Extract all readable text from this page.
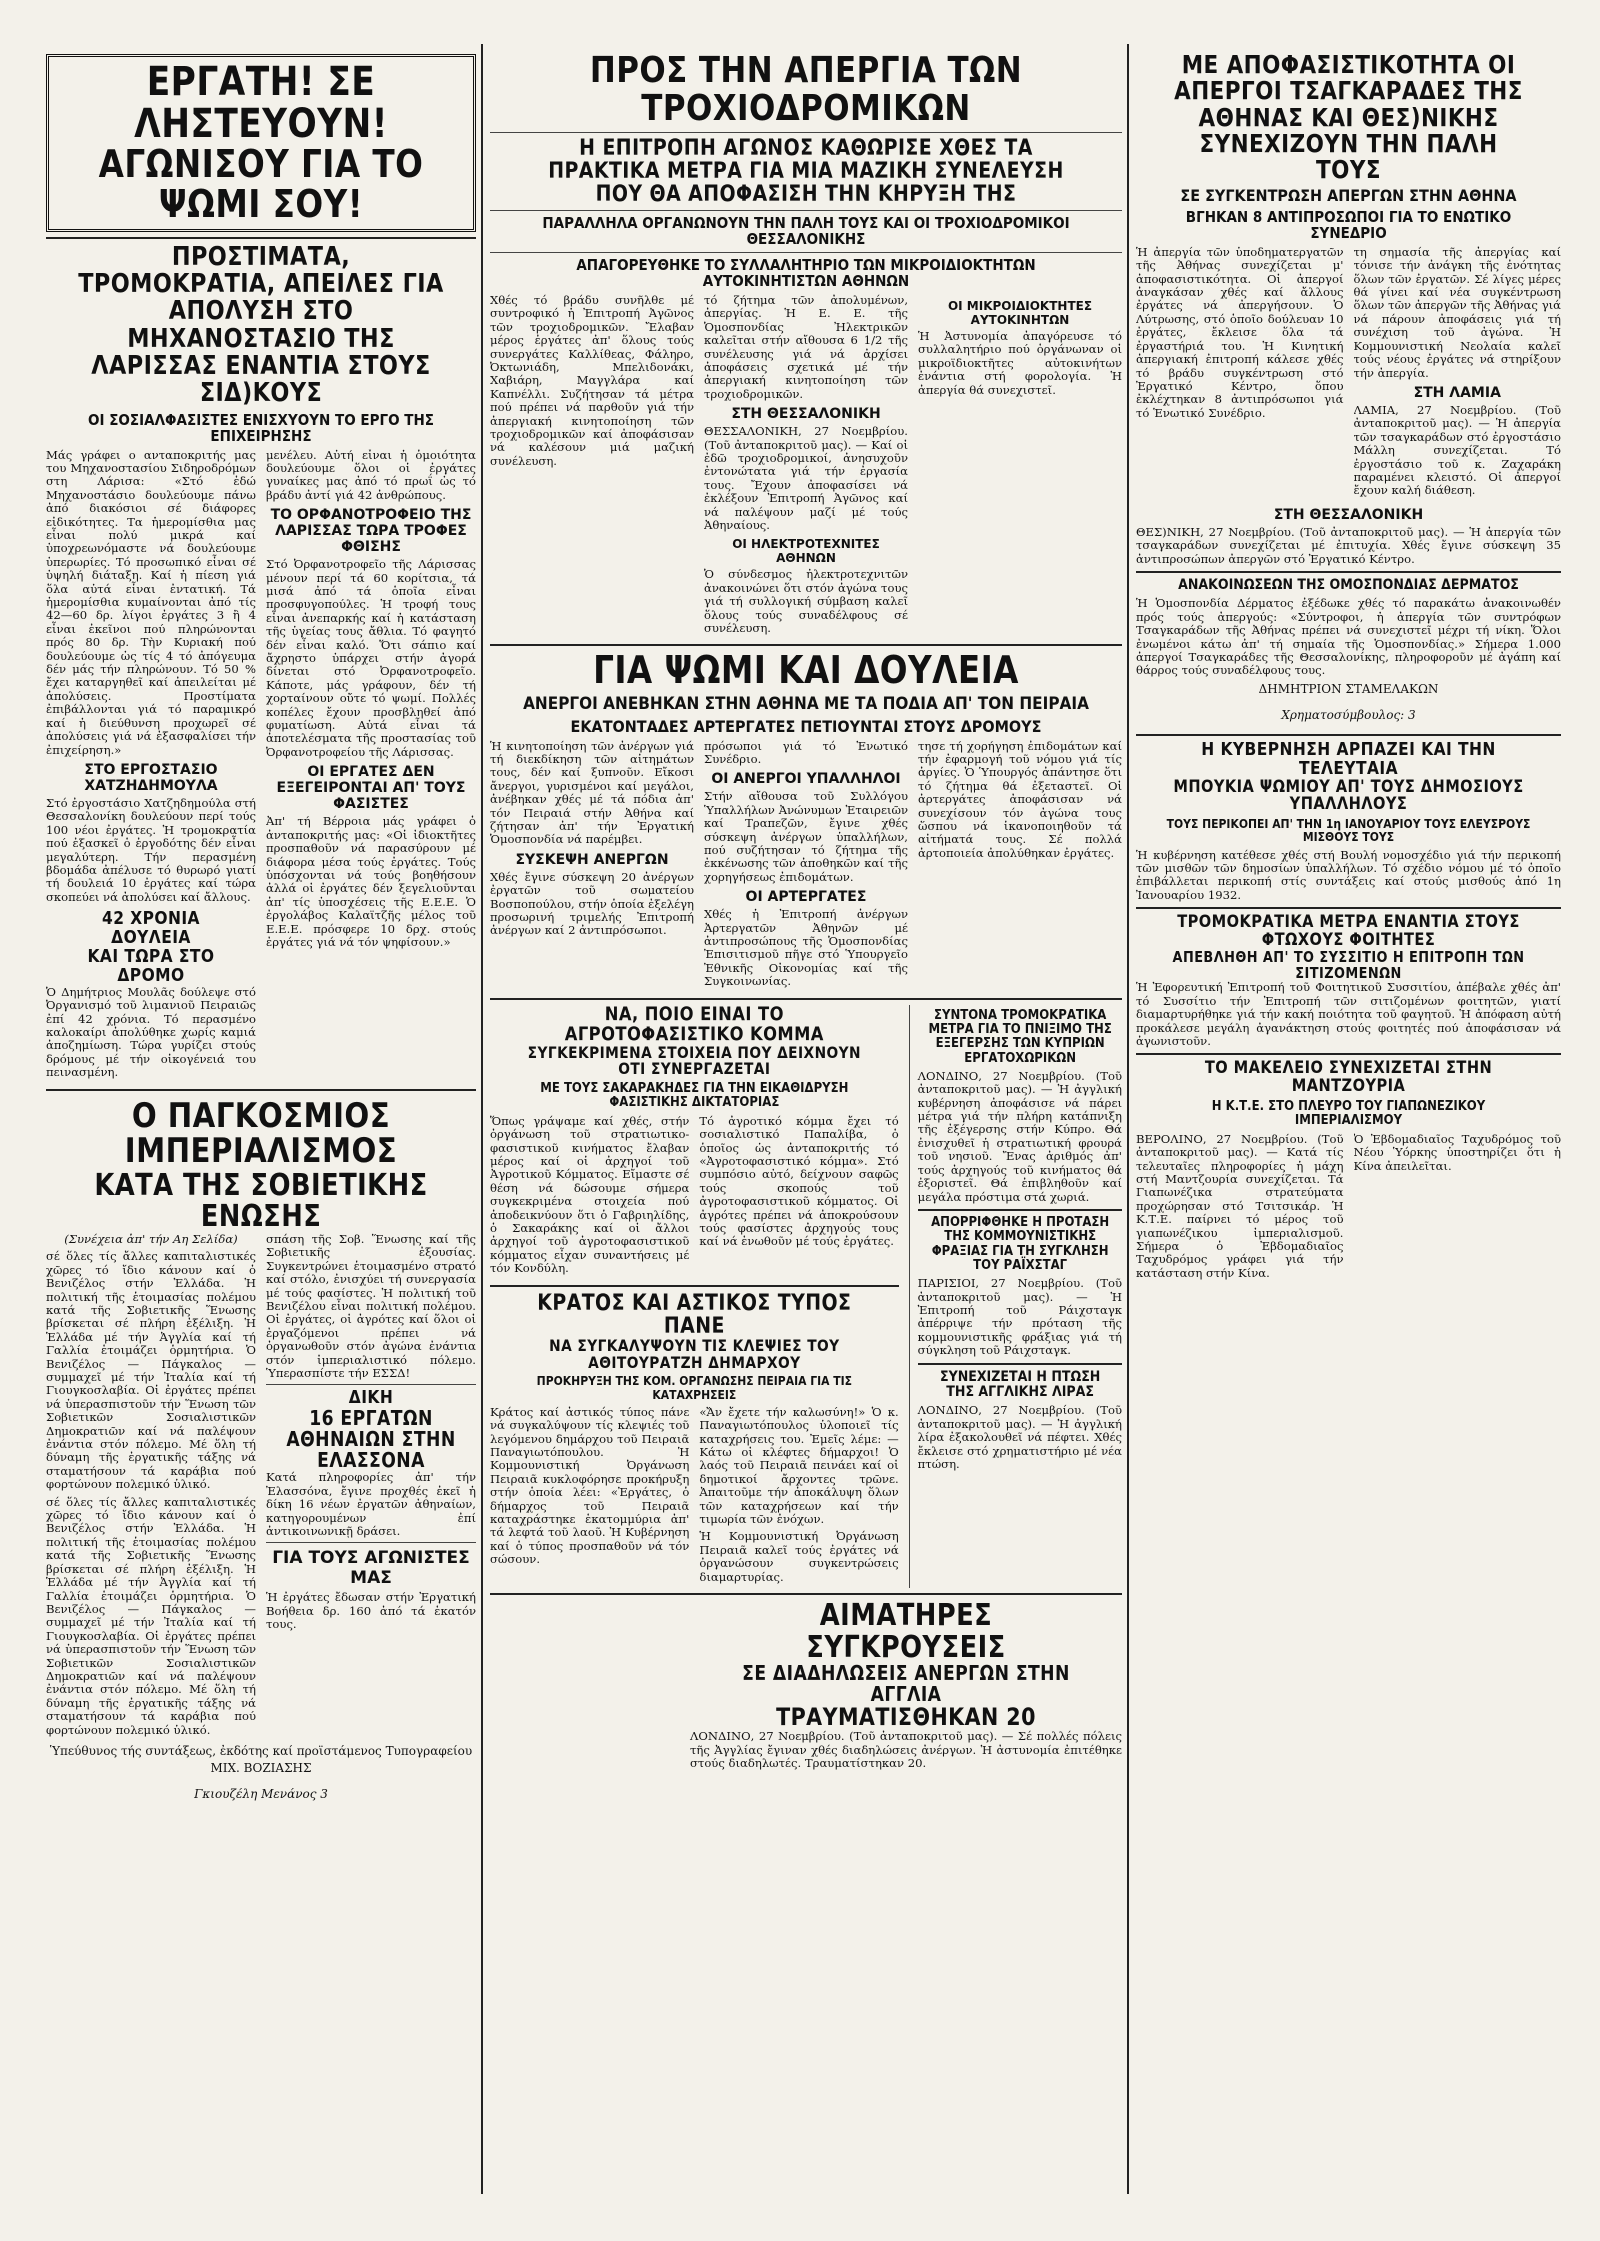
ΕΡΓΑΤΗ! ΣΕ ΛΗΣΤΕΥΟΥΝ!

ΑΓΩΝΙΣΟΥ ΓΙΑ ΤΟ ΨΩΜΙ ΣΟΥ!

ΠΡΟΣΤΙΜΑΤΑ, ΤΡΟΜΟΚΡΑΤΙΑ, ΑΠΕΙΛΕΣ ΓΙΑ ΑΠΟΛΥΣΗ ΣΤΟ ΜΗΧΑΝΟΣΤΑΣΙΟ ΤΗΣ ΛΑΡΙΣΣΑΣ ΕΝΑΝΤΙΑ ΣΤΟΥΣ ΣΙΔ)ΚΟΥΣ

ΟΙ ΣΟΣΙΑΛΦΑΣΙΣΤΕΣ ΕΝΙΣΧΥΟΥΝ ΤΟ ΕΡΓΟ ΤΗΣ ΕΠΙΧΕΙΡΗΣΗΣ

Μάς γράφει ο ανταποκριτής μας του Μηχανοστασίου Σιδηροδρόμων στη Λάρισα: «Στό ἑδώ Μηχανοστάσιο δουλεύουμε πάνω ἀπό διακόσιοι σέ διάφορες εἰδικότητες. Τα ἡμερομίσθια μας εἶναι πολύ μικρά καί ὑποχρεωνόμαστε νά δουλεύουμε ὑπερωρίες. Τό προσωπικό εἶναι σέ ὑψηλή διάταξη. Καί ἡ πίεση γιά ὅλα αὐτά εἶναι ἐντατική. Τά ἡμερομίσθια κυμαίνονται ἀπό τίς 42—60 δρ. λίγοι ἐργάτες 3 ἢ 4 εἶναι ἐκεῖνοι πού πληρώνονται πρός 80 δρ. Τὴν Κυριακή πού δουλεύουμε ὡς τίς 4 τό ἀπόγευμα δέν μάς τήν πληρώνουν. Τό 50 % ἔχει καταργηθεῖ καί ἀπειλείται μέ ἀπολύσεις. Προστίματα ἐπιβάλλονται γιά τό παραμικρό καί ἡ διεύθυνση προχωρεῖ σέ ἀπολύσεις γιά νά ἐξασφαλίσει τήν ἐπιχείρηση.»

ΣΤΟ ΕΡΓΟΣΤΑΣΙΟ ΧΑΤΖΗΔΗΜΟΥΛΑ

Στό ἐργοστάσιο Χατζηδημούλα στή Θεσσαλονίκη δουλεύουν περί τούς 100 νέοι ἐργάτες. Ἡ τρομοκρατία πού ἐξασκεῖ ὁ ἐργοδότης δέν εἶναι μεγαλύτερη. Τήν περασμένη βδομάδα ἀπέλυσε τό θυρωρό γιατί τή δουλειά 10 ἐργάτες καί τώρα σκοπεύει νά ἀπολύσει καί ἄλλους.

42 ΧΡΟΝΙΑ ΔΟΥΛΕΙΑ

ΚΑΙ ΤΩΡΑ ΣΤΟ ΔΡΟΜΟ

Ὁ Δημήτριος Μουλᾶς δούλεψε στό Ὀργανισμό τοῦ λιμανιοῦ Πειραιῶς ἐπί 42 χρόνια. Τό περασμένο καλοκαίρι ἀπολύθηκε χωρίς καμιά ἀποζημίωση. Τώρα γυρίζει στούς δρόμους μέ τήν οἰκογένειά του πεινασμένη.

μενέλευ. Αὐτή εἶναι ἡ ὁμοιότητα δουλεύουμε ὅλοι οἱ ἐργάτες γυναίκες μας ἀπό τό πρωΐ ὡς τό βράδυ ἀντί γιά 42 ἀνθρώπους.

ΤΟ ΟΡΦΑΝΟΤΡΟΦΕΙΟ ΤΗΣ ΛΑΡΙΣΣΑΣ ΤΩΡΑ ΤΡΟΦΕΣ ΦΘΙΣΗΣ

Στό Ὀρφανοτροφεῖο τῆς Λάρισσας μένουν περί τά 60 κορίτσια, τά μισά ἀπό τά ὁποῖα εἶναι προσφυγοπούλες. Ἡ τροφή τους εἶναι ἀνεπαρκής καί ἡ κατάσταση τῆς ὑγείας τους ἄθλια. Τό φαγητό δέν εἶναι καλό. Ὅτι σάπιο καί ἄχρηστο ὑπάρχει στήν ἀγορά δίνεται στό Ὀρφανοτροφεῖο. Κάποτε, μάς γράφουν, δέν τή χορταίνουν οὔτε τό ψωμί. Πολλές κοπέλες ἔχουν προσβληθεί ἀπό φυματίωση. Αὐτά εἶναι τά ἀποτελέσματα τῆς προστασίας τοῦ Ὀρφανοτροφείου τῆς Λάρισσας.

ΟΙ ΕΡΓΑΤΕΣ ΔΕΝ ΕΞΕΓΕΙΡΟΝΤΑΙ ΑΠ' ΤΟΥΣ ΦΑΣΙΣΤΕΣ

Ἀπ' τή Βέρροια μάς γράφει ὁ ἀνταποκριτής μας: «Οἱ ἰδιοκτῆτες προσπαθοῦν νά παρασύρουν μέ διάφορα μέσα τούς ἐργάτες. Τούς ὑπόσχονται νά τούς βοηθήσουν ἀλλά οἱ ἐργάτες δέν ξεγελιοῦνται ἀπ' τίς ὑποσχέσεις τῆς Ε.Ε.Ε. Ὁ ἐργολάβος Καλαϊτζῆς μέλος τοῦ Ε.Ε.Ε. πρόσφερε 10 δρχ. στούς ἐργάτες γιά νά τόν ψηφίσουν.»

Ο ΠΑΓΚΟΣΜΙΟΣ ΙΜΠΕΡΙΑΛΙΣΜΟΣ

ΚΑΤΑ ΤΗΣ ΣΟΒΙΕΤΙΚΗΣ ΕΝΩΣΗΣ

(Συνέχεια ἀπ' τήν Αη Σελίδα)

σέ ὅλες τίς ἄλλες καπιταλιστικές χῶρες τό ἴδιο κάνουν καί ὁ Βενιζέλος στήν Ἑλλάδα. Ἡ πολιτική τῆς ἑτοιμασίας πολέμου κατά τῆς Σοβιετικῆς Ἕνωσης βρίσκεται σέ πλήρη ἐξέλιξη. Ἡ Ἑλλάδα μέ τήν Ἀγγλία καί τή Γαλλία ἑτοιμάζει ὁρμητήρια. Ὁ Βενιζέλος — Πάγκαλος — συμμαχεῖ μέ τήν Ἰταλία καί τή Γιουγκοσλαβία. Οἱ ἐργάτες πρέπει νά ὑπερασπιστοῦν τήν Ἕνωση τῶν Σοβιετικῶν Σοσιαλιστικῶν Δημοκρατιῶν καί νά παλέψουν ἐνάντια στόν πόλεμο. Μέ ὅλη τή δύναμη τῆς ἐργατικῆς τάξης νά σταματήσουν τά καράβια πού φορτώνουν πολεμικό ὑλικό.

σέ ὅλες τίς ἄλλες καπιταλιστικές χῶρες τό ἴδιο κάνουν καί ὁ Βενιζέλος στήν Ἑλλάδα. Ἡ πολιτική τῆς ἑτοιμασίας πολέμου κατά τῆς Σοβιετικῆς Ἕνωσης βρίσκεται σέ πλήρη ἐξέλιξη. Ἡ Ἑλλάδα μέ τήν Ἀγγλία καί τή Γαλλία ἑτοιμάζει ὁρμητήρια. Ὁ Βενιζέλος — Πάγκαλος — συμμαχεῖ μέ τήν Ἰταλία καί τή Γιουγκοσλαβία. Οἱ ἐργάτες πρέπει νά ὑπερασπιστοῦν τήν Ἕνωση τῶν Σοβιετικῶν Σοσιαλιστικῶν Δημοκρατιῶν καί νά παλέψουν ἐνάντια στόν πόλεμο. Μέ ὅλη τή δύναμη τῆς ἐργατικῆς τάξης νά σταματήσουν τά καράβια πού φορτώνουν πολεμικό ὑλικό.

σπάση τῆς Σοβ. Ἕνωσης καί τῆς Σοβιετικῆς ἐξουσίας. Συγκεντρώνει ἑτοιμασμένο στρατό καί στόλο, ἐνισχύει τή συνεργασία μέ τούς φασίστες. Ἡ πολιτική τοῦ Βενιζέλου εἶναι πολιτική πολέμου. Οἱ ἐργάτες, οἱ ἀγρότες καί ὅλοι οἱ ἐργαζόμενοι πρέπει νά ὀργανωθοῦν στόν ἀγώνα ἐνάντια στόν ἰμπεριαλιστικό πόλεμο. Ὑπερασπίστε τήν ΕΣΣΔ!

ΔΙΚΗ

16 ΕΡΓΑΤΩΝ ΑΘΗΝΑΙΩΝ ΣΤΗΝ ΕΛΑΣΣΟΝΑ

Κατά πληροφορίες ἀπ' τήν Ἐλασσόνα, ἔγινε προχθές ἐκεῖ ἡ δίκη 16 νέων ἐργατῶν ἀθηναίων, κατηγορουμένων ἐπί ἀντικοινωνικῇ δράσει.

ΓΙΑ ΤΟΥΣ ΑΓΩΝΙΣΤΕΣ ΜΑΣ

Ἡ ἐργάτες ἔδωσαν στήν Ἐργατική Βοήθεια δρ. 160 ἀπό τά ἑκατόν τους.

Ὑπεύθυνος τής συντάξεως, ἐκδότης καί προϊστάμενος Τυπογραφείου

ΜΙΧ. ΒΟΖΙΑΣΗΣ

Γκιουζέλη Μενάνος 3

ΠΡΟΣ ΤΗΝ ΑΠΕΡΓΙΑ ΤΩΝ ΤΡΟΧΙΟΔΡΟΜΙΚΩΝ

Η ΕΠΙΤΡΟΠΗ ΑΓΩΝΟΣ ΚΑΘΩΡΙΣΕ ΧΘΕΣ ΤΑ ΠΡΑΚΤΙΚΑ ΜΕΤΡΑ ΓΙΑ ΜΙΑ ΜΑΖΙΚΗ ΣΥΝΕΛΕΥΣΗ ΠΟΥ ΘΑ ΑΠΟΦΑΣΙΣΗ ΤΗΝ ΚΗΡΥΞΗ ΤΗΣ

ΠΑΡΑΛΛΗΛΑ ΟΡΓΑΝΩΝΟΥΝ ΤΗΝ ΠΑΛΗ ΤΟΥΣ ΚΑΙ ΟΙ ΤΡΟΧΙΟΔΡΟΜΙΚΟΙ ΘΕΣΣΑΛΟΝΙΚΗΣ

ΑΠΑΓΟΡΕΥΘΗΚΕ ΤΟ ΣΥΛΛΑΛΗΤΗΡΙΟ ΤΩΝ ΜΙΚΡΟΙΔΙΟΚΤΗΤΩΝ ΑΥΤΟΚΙΝΗΤΙΣΤΩΝ ΑΘΗΝΩΝ

Χθές τό βράδυ συνῆλθε μέ συντροφικό ἡ Ἐπιτροπή Ἀγῶνος τῶν τροχιοδρομικῶν. Ἔλαβαν μέρος ἐργάτες ἀπ' ὅλους τούς συνεργάτες Καλλίθεας, Φάληρο, Ὀκτωνιάδη, Μπελιδονάκι, Χαβιάρη, Μαγγλάρα καί Καπνέλλι. Συζήτησαν τά μέτρα πού πρέπει νά παρθοῦν γιά τήν ἀπεργιακή κινητοποίηση τῶν τροχιοδρομικῶν καί ἀποφάσισαν νά καλέσουν μιά μαζική συνέλευση.

τό ζήτημα τῶν ἀπολυμένων, ἀπεργίας. Ἡ Ε. Ε. τῆς Ὁμοσπονδίας Ἠλεκτρικῶν καλεῖται στήν αἴθουσα 6 1/2 τῆς συνέλευσης γιά νά ἀρχίσει ἀποφάσεις σχετικά μέ τήν ἀπεργιακή κινητοποίηση τῶν τροχιοδρομικῶν.

ΣΤΗ ΘΕΣΣΑΛΟΝΙΚΗ

ΘΕΣΣΑΛΟΝΙΚΗ, 27 Νοεμβρίου. (Τοῦ ἀνταποκριτοῦ μας). — Καί οἱ ἐδῶ τροχιοδρομικοί, ἀνησυχοῦν ἐντονώτατα γιά τήν ἐργασία τους. Ἔχουν ἀποφασίσει νά ἐκλέξουν Ἐπιτροπή Ἀγῶνος καί νά παλέψουν μαζί μέ τούς Ἀθηναίους.

ΟΙ ΗΛΕΚΤΡΟΤΕΧΝΙΤΕΣ ΑΘΗΝΩΝ

Ὁ σύνδεσμος ἠλεκτροτεχνιτῶν ἀνακοινώνει ὅτι στόν ἀγώνα τους γιά τή συλλογική σύμβαση καλεῖ ὅλους τούς συναδέλφους σέ συνέλευση.

ΟΙ ΜΙΚΡΟΙΔΙΟΚΤΗΤΕΣ ΑΥΤΟΚΙΝΗΤΩΝ

Ἡ Ἀστυνομία ἀπαγόρευσε τό συλλαλητήριο πού ὁργάνωναν οἱ μικροϊδιοκτῆτες αὐτοκινήτων ἐνάντια στή φορολογία. Ἡ ἀπεργία θά συνεχιστεῖ.

ΓΙΑ ΨΩΜΙ ΚΑΙ ΔΟΥΛΕΙΑ

ΑΝΕΡΓΟΙ ΑΝΕΒΗΚΑΝ ΣΤΗΝ ΑΘΗΝΑ ΜΕ ΤΑ ΠΟΔΙΑ ΑΠ' ΤΟΝ ΠΕΙΡΑΙΑ

ΕΚΑΤΟΝΤΑΔΕΣ ΑΡΤΕΡΓΑΤΕΣ ΠΕΤΙΟΥΝΤΑΙ ΣΤΟΥΣ ΔΡΟΜΟΥΣ

Ἡ κινητοποίηση τῶν ἀνέργων γιά τή διεκδίκηση τῶν αἰτημάτων τους, δέν καί ξυπνοῦν. Εἴκοσι ἄνεργοι, γυρισμένοι καί μεγάλοι, ἀνέβηκαν χθές μέ τά πόδια ἀπ' τόν Πειραιά στήν Ἀθήνα καί ζήτησαν ἀπ' τήν Ἐργατική Ὁμοσπονδία νά παρέμβει.

ΣΥΣΚΕΨΗ ΑΝΕΡΓΩΝ

Χθές ἔγινε σύσκεψη 20 ἀνέργων ἐργατῶν τοῦ σωματείου Βοσποπούλου, στήν ὁποία ἐξελέγη προσωρινή τριμελής Ἐπιτροπή ἀνέργων καί 2 ἀντιπρόσωποι.

πρόσωποι γιά τό Ἑνωτικό Συνέδριο.

ΟΙ ΑΝΕΡΓΟΙ ΥΠΑΛΛΗΛΟΙ

Στήν αἴθουσα τοῦ Συλλόγου Ὑπαλλήλων Ἀνώνυμων Ἑταιρειῶν καί Τραπεζῶν, ἔγινε χθές σύσκεψη ἀνέργων ὑπαλλήλων, πού συζήτησαν τό ζήτημα τῆς ἐκκένωσης τῶν ἀποθηκῶν καί τῆς χορηγήσεως ἐπιδομάτων.

ΟΙ ΑΡΤΕΡΓΑΤΕΣ

Χθές ἡ Ἐπιτροπή ἀνέργων Ἀρτεργατῶν Ἀθηνῶν μέ ἀντιπροσώπους τῆς Ὁμοσπονδίας Ἐπισιτισμοῦ πῆγε στό Ὑπουργεῖο Ἐθνικῆς Οἰκονομίας καί τῆς Συγκοινωνίας.

τησε τή χορήγηση ἐπιδομάτων καί τήν ἐφαρμογή τοῦ νόμου γιά τίς ἀργίες. Ὁ Ὑπουργός ἀπάντησε ὅτι τό ζήτημα θά ἐξεταστεῖ. Οἱ ἀρτεργάτες ἀποφάσισαν νά συνεχίσουν τόν ἀγώνα τους ὥσπου νά ἱκανοποιηθοῦν τά αἰτήματά τους. Σέ πολλά ἀρτοποιεία ἀπολύθηκαν ἐργάτες.

ΝΑ, ΠΟΙΟ ΕΙΝΑΙ ΤΟ ΑΓΡΟΤΟΦΑΣΙΣΤΙΚΟ ΚΟΜΜΑ

ΣΥΓΚΕΚΡΙΜΕΝΑ ΣΤΟΙΧΕΙΑ ΠΟΥ ΔΕΙΧΝΟΥΝ ΟΤΙ ΣΥΝΕΡΓΑΖΕΤΑΙ

ΜΕ ΤΟΥΣ ΣΑΚΑΡΑΚΗΔΕΣ ΓΙΑ ΤΗΝ ΕΙΚΑΘΙΔΡΥΣΗ ΦΑΣΙΣΤΙΚΗΣ ΔΙΚΤΑΤΟΡΙΑΣ

Ὅπως γράψαμε καί χθές, στήν ὀργάνωση τοῦ στρατιωτικο-φασιστικοῦ κινήματος ἔλαβαν μέρος καί οἱ ἀρχηγοί τοῦ Ἀγροτικοῦ Κόμματος. Εἴμαστε σέ θέση νά δώσουμε σήμερα συγκεκριμένα στοιχεία πού ἀποδεικνύουν ὅτι ὁ Γαβριηλίδης, ὁ Σακαράκης καί οἱ ἄλλοι ἀρχηγοί τοῦ ἀγροτοφασιστικοῦ κόμματος εἶχαν συναντήσεις μέ τόν Κονδύλη.

Τό ἀγροτικό κόμμα ἔχει τό σοσιαλιστικό Παπαλίβα, ὁ ὁποῖος ὡς ἀνταποκριτής τό «Ἀγροτοφασιστικό κόμμα». Στό συμπόσιο αὐτό, δείχνουν σαφῶς τούς σκοπούς τοῦ ἀγροτοφασιστικοῦ κόμματος. Οἱ ἀγρότες πρέπει νά ἀποκρούσουν τούς φασίστες ἀρχηγούς τους καί νά ἑνωθοῦν μέ τούς ἐργάτες.

ΚΡΑΤΟΣ ΚΑΙ ΑΣΤΙΚΟΣ ΤΥΠΟΣ ΠΑΝΕ

ΝΑ ΣΥΓΚΑΛΥΨΟΥΝ ΤΙΣ ΚΛΕΨΙΕΣ ΤΟΥ ΑΘΙΤΟΥΡΑΤΖΗ ΔΗΜΑΡΧΟΥ

ΠΡΟΚΗΡΥΞΗ ΤΗΣ ΚΟΜ. ΟΡΓΑΝΩΣΗΣ ΠΕΙΡΑΙΑ ΓΙΑ ΤΙΣ ΚΑΤΑΧΡΗΣΕΙΣ

Κράτος καί ἀστικός τύπος πάνε νά συγκαλύψουν τίς κλεψιές τοῦ λεγόμενου δημάρχου τοῦ Πειραιᾶ Παναγιωτόπουλου. Ἡ Κομμουνιστική Ὀργάνωση Πειραιᾶ κυκλοφόρησε προκήρυξη στήν ὁποία λέει: «Ἐργάτες, ὁ δήμαρχος τοῦ Πειραιᾶ καταχράστηκε ἑκατομμύρια ἀπ' τά λεφτά τοῦ λαοῦ. Ἡ Κυβέρνηση καί ὁ τύπος προσπαθοῦν νά τόν σώσουν.

«Ἄν ἔχετε τήν καλωσύνη!» Ὁ κ. Παναγιωτόπουλος ὑλοποιεῖ τίς καταχρήσεις του. Ἐμεῖς λέμε: — Κάτω οἱ κλέφτες δήμαρχοι! Ὁ λαός τοῦ Πειραιᾶ πεινάει καί οἱ δημοτικοί ἄρχοντες τρῶνε. Ἀπαιτοῦμε τήν ἀποκάλυψη ὅλων τῶν καταχρήσεων καί τήν τιμωρία τῶν ἐνόχων.

Ἡ Κομμουνιστική Ὀργάνωση Πειραιᾶ καλεῖ τούς ἐργάτες νά ὀργανώσουν συγκεντρώσεις διαμαρτυρίας.

ΣΥΝΤΟΝΑ ΤΡΟΜΟΚΡΑΤΙΚΑ ΜΕΤΡΑ ΓΙΑ ΤΟ ΠΝΙΞΙΜΟ ΤΗΣ ΕΞΕΓΕΡΣΗΣ ΤΩΝ ΚΥΠΡΙΩΝ ΕΡΓΑΤΟΧΩΡΙΚΩΝ

ΛΟΝΔΙΝΟ, 27 Νοεμβρίου. (Τοῦ ἀνταποκριτοῦ μας). — Ἡ ἀγγλική κυβέρνηση ἀποφάσισε νά πάρει μέτρα γιά τήν πλήρη κατάπνιξη τῆς ἐξέγερσης στήν Κύπρο. Θά ἐνισχυθεῖ ἡ στρατιωτική φρουρά τοῦ νησιοῦ. Ἔνας ἀριθμός ἀπ' τούς ἀρχηγούς τοῦ κινήματος θά ἐξοριστεῖ. Θά ἐπιβληθοῦν καί μεγάλα πρόστιμα στά χωριά.

ΑΠΟΡΡΙΦΘΗΚΕ Η ΠΡΟΤΑΣΗ ΤΗΣ ΚΟΜΜΟΥΝΙΣΤΙΚΗΣ ΦΡΑΞΙΑΣ ΓΙΑ ΤΗ ΣΥΓΚΛΗΣΗ ΤΟΥ ΡΑΪΧΣΤΑΓ

ΠΑΡΙΣΙΟΙ, 27 Νοεμβρίου. (Τοῦ ἀνταποκριτοῦ μας). — Ἡ Ἐπιτροπή τοῦ Ράιχσταγκ ἀπέρριψε τήν πρόταση τῆς κομμουνιστικῆς φράξιας γιά τή σύγκληση τοῦ Ράιχσταγκ.

ΣΥΝΕΧΙΖΕΤΑΙ Η ΠΤΩΣΗ ΤΗΣ ΑΓΓΛΙΚΗΣ ΛΙΡΑΣ

ΛΟΝΔΙΝΟ, 27 Νοεμβρίου. (Τοῦ ἀνταποκριτοῦ μας). — Ἡ ἀγγλική λίρα ἐξακολουθεῖ νά πέφτει. Χθές ἔκλεισε στό χρηματιστήριο μέ νέα πτώση.

ΑΙΜΑΤΗΡΕΣ ΣΥΓΚΡΟΥΣΕΙΣ

ΣΕ ΔΙΑΔΗΛΩΣΕΙΣ ΑΝΕΡΓΩΝ ΣΤΗΝ ΑΓΓΛΙΑ

ΤΡΑΥΜΑΤΙΣΘΗΚΑΝ 20

ΛΟΝΔΙΝΟ, 27 Νοεμβρίου. (Τοῦ ἀνταποκριτοῦ μας). — Σέ πολλές πόλεις τῆς Ἀγγλίας ἔγιναν χθές διαδηλώσεις ἀνέργων. Ἡ ἀστυνομία ἐπιτέθηκε στούς διαδηλωτές. Τραυματίστηκαν 20.

ΜΕ ΑΠΟΦΑΣΙΣΤΙΚΟΤΗΤΑ ΟΙ ΑΠΕΡΓΟΙ ΤΣΑΓΚΑΡΑΔΕΣ ΤΗΣ ΑΘΗΝΑΣ ΚΑΙ ΘΕΣ)ΝΙΚΗΣ ΣΥΝΕΧΙΖΟΥΝ ΤΗΝ ΠΑΛΗ ΤΟΥΣ

ΣΕ ΣΥΓΚΕΝΤΡΩΣΗ ΑΠΕΡΓΩΝ ΣΤΗΝ ΑΘΗΝΑ

ΒΓΗΚΑΝ 8 ΑΝΤΙΠΡΟΣΩΠΟΙ ΓΙΑ ΤΟ ΕΝΩΤΙΚΟ ΣΥΝΕΔΡΙΟ

Ἡ ἀπεργία τῶν ὑποδηματεργατῶν τῆς Ἀθήνας συνεχίζεται μ' ἀποφασιστικότητα. Οἱ ἀπεργοί ἀναγκάσαν χθές καί ἄλλους ἐργάτες νά ἀπεργήσουν. Ὁ Λύτρωσης, στό ὁποῖο δούλευαν 10 ἐργάτες, ἔκλεισε ὅλα τά ἐργαστήριά του. Ἡ Κινητική ἀπεργιακή ἐπιτροπή κάλεσε χθές τό βράδυ συγκέντρωση στό Ἐργατικό Κέντρο, ὅπου ἐκλέχτηκαν 8 ἀντιπρόσωποι γιά τό Ἑνωτικό Συνέδριο.

τη σημασία τῆς ἀπεργίας καί τόνισε τήν ἀνάγκη τῆς ἐνότητας ὅλων τῶν ἐργατῶν. Σέ λίγες μέρες θά γίνει καί νέα συγκέντρωση ὅλων τῶν ἀπεργῶν τῆς Ἀθήνας γιά νά πάρουν ἀποφάσεις γιά τή συνέχιση τοῦ ἀγώνα. Ἡ Κομμουνιστική Νεολαία καλεῖ τούς νέους ἐργάτες νά στηρίξουν τήν ἀπεργία.

ΣΤΗ ΛΑΜΙΑ

ΛΑΜΙΑ, 27 Νοεμβρίου. (Τοῦ ἀνταποκριτοῦ μας). — Ἡ ἀπεργία τῶν τσαγκαράδων στό ἐργοστάσιο Μάλλη συνεχίζεται. Τό ἐργοστάσιο τοῦ κ. Ζαχαράκη παραμένει κλειστό. Οἱ ἀπεργοί ἔχουν καλή διάθεση.

ΣΤΗ ΘΕΣΣΑΛΟΝΙΚΗ

ΘΕΣ)ΝΙΚΗ, 27 Νοεμβρίου. (Τοῦ ἀνταποκριτοῦ μας). — Ἡ ἀπεργία τῶν τσαγκαράδων συνεχίζεται μέ ἐπιτυχία. Χθές ἔγινε σύσκεψη 35 ἀντιπροσώπων ἀπεργῶν στό Ἐργατικό Κέντρο.

ΑΝΑΚΟΙΝΩΣΕΩΝ ΤΗΣ ΟΜΟΣΠΟΝΔΙΑΣ ΔΕΡΜΑΤΟΣ

Ἡ Ὁμοσπονδία Δέρματος ἐξέδωκε χθές τό παρακάτω ἀνακοινωθέν πρός τούς ἀπεργούς: «Σύντροφοι, ἡ ἀπεργία τῶν συντρόφων Τσαγκαράδων τῆς Ἀθήνας πρέπει νά συνεχιστεῖ μέχρι τή νίκη. Ὅλοι ἐνωμένοι κάτω ἀπ' τή σημαία τῆς Ὁμοσπονδίας.» Σήμερα 1.000 ἀπεργοί Τσαγκαράδες τῆς Θεσσαλονίκης, πληροφοροῦν μέ ἀγάπη καί θάρρος τούς συναδέλφους τους.

ΔΗΜΗΤΡΙΟΝ ΣΤΑΜΕΛΑΚΩΝ

Χρηματοσύμβουλος: 3

Η ΚΥΒΕΡΝΗΣΗ ΑΡΠΑΖΕΙ ΚΑΙ ΤΗΝ ΤΕΛΕΥΤΑΙΑ

ΜΠΟΥΚΙΑ ΨΩΜΙΟΥ ΑΠ' ΤΟΥΣ ΔΗΜΟΣΙΟΥΣ ΥΠΑΛΛΗΛΟΥΣ

ΤΟΥΣ ΠΕΡΙΚΟΠΕΙ ΑΠ' ΤΗΝ 1η ΙΑΝΟΥΑΡΙΟΥ ΤΟΥΣ ΕΛΕΥΣΡΟΥΣ ΜΙΣΘΟΥΣ ΤΟΥΣ

Ἡ κυβέρνηση κατέθεσε χθές στή Βουλή νομοσχέδιο γιά τήν περικοπή τῶν μισθῶν τῶν δημοσίων ὑπαλλήλων. Τό σχέδιο νόμου μέ τό ὁποῖο ἐπιβάλλεται περικοπή στίς συντάξεις καί στούς μισθούς ἀπό 1η Ἰανουαρίου 1932.

ΤΡΟΜΟΚΡΑΤΙΚΑ ΜΕΤΡΑ ΕΝΑΝΤΙΑ ΣΤΟΥΣ ΦΤΩΧΟΥΣ ΦΟΙΤΗΤΕΣ

ΑΠΕΒΛΗΘΗ ΑΠ' ΤΟ ΣΥΣΣΙΤΙΟ Η ΕΠΙΤΡΟΠΗ ΤΩΝ ΣΙΤΙΖΟΜΕΝΩΝ

Ἡ Ἐφορευτική Ἐπιτροπή τοῦ Φοιτητικοῦ Συσσιτίου, ἀπέβαλε χθές ἀπ' τό Συσσίτιο τήν Ἐπιτροπή τῶν σιτιζομένων φοιτητῶν, γιατί διαμαρτυρήθηκε γιά τήν κακή ποιότητα τοῦ φαγητοῦ. Ἡ ἀπόφαση αὐτή προκάλεσε μεγάλη ἀγανάκτηση στούς φοιτητές πού ἀποφάσισαν νά ἀγωνιστοῦν.

ΤΟ ΜΑΚΕΛΕΙΟ ΣΥΝΕΧΙΖΕΤΑΙ ΣΤΗΝ ΜΑΝΤΖΟΥΡΙΑ

Η Κ.Τ.Ε. ΣΤΟ ΠΛΕΥΡΟ ΤΟΥ ΓΙΑΠΩΝΕΖΙΚΟΥ ΙΜΠΕΡΙΑΛΙΣΜΟΥ

ΒΕΡΟΛΙΝΟ, 27 Νοεμβρίου. (Τοῦ ἀνταποκριτοῦ μας). — Κατά τίς τελευταῖες πληροφορίες ἡ μάχη στή Μαντζουρία συνεχίζεται. Τά Γιαπωνέζικα στρατεύματα προχώρησαν στό Τσιτσικάρ. Ἡ Κ.Τ.Ε. παίρνει τό μέρος τοῦ γιαπωνέζικου ἰμπεριαλισμοῦ. Σήμερα ὁ Ἐβδομαδιαῖος Ταχυδρόμος γράφει γιά τήν κατάσταση στήν Κίνα.

Ὁ Ἐβδομαδιαῖος Ταχυδρόμος τοῦ Νέου Ὑόρκης ὑποστηρίζει ὅτι ἡ Κίνα ἀπειλεῖται.
